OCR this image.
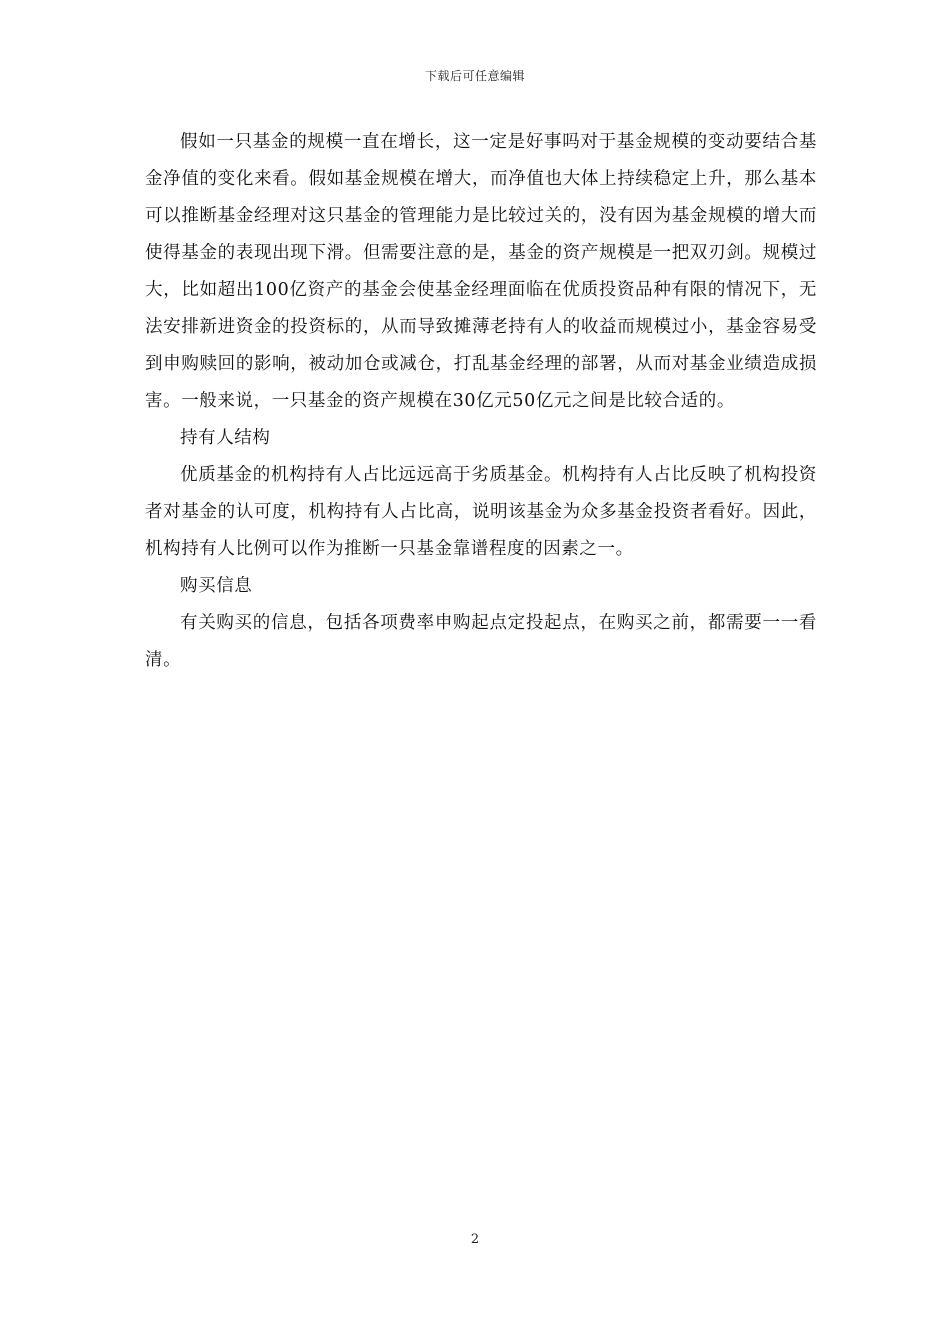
下载后可任意编辑

假如一只基金的规模一直在增长，这一定是好事吗对于基金规模的变动要结合基金净值的变化来看。假如基金规模在增大，而净值也大体上持续稳定上升，那么基本可以推断基金经理对这只基金的管理能力是比较过关的，没有因为基金规模的增大而使得基金的表现出现下滑。但需要注意的是，基金的资产规模是一把双刃剑。规模过大，比如超出100亿资产的基金会使基金经理面临在优质投资品种有限的情况下，无法安排新进资金的投资标的，从而导致摊薄老持有人的收益而规模过小，基金容易受到申购赎回的影响，被动加仓或减仓，打乱基金经理的部署，从而对基金业绩造成损害。一般来说，一只基金的资产规模在30亿元50亿元之间是比较合适的。

持有人结构

优质基金的机构持有人占比远远高于劣质基金。机构持有人占比反映了机构投资者对基金的认可度，机构持有人占比高，说明该基金为众多基金投资者看好。因此，机构持有人比例可以作为推断一只基金靠谱程度的因素之一。

购买信息

有关购买的信息，包括各项费率申购起点定投起点，在购买之前，都需要一一看清。

2
